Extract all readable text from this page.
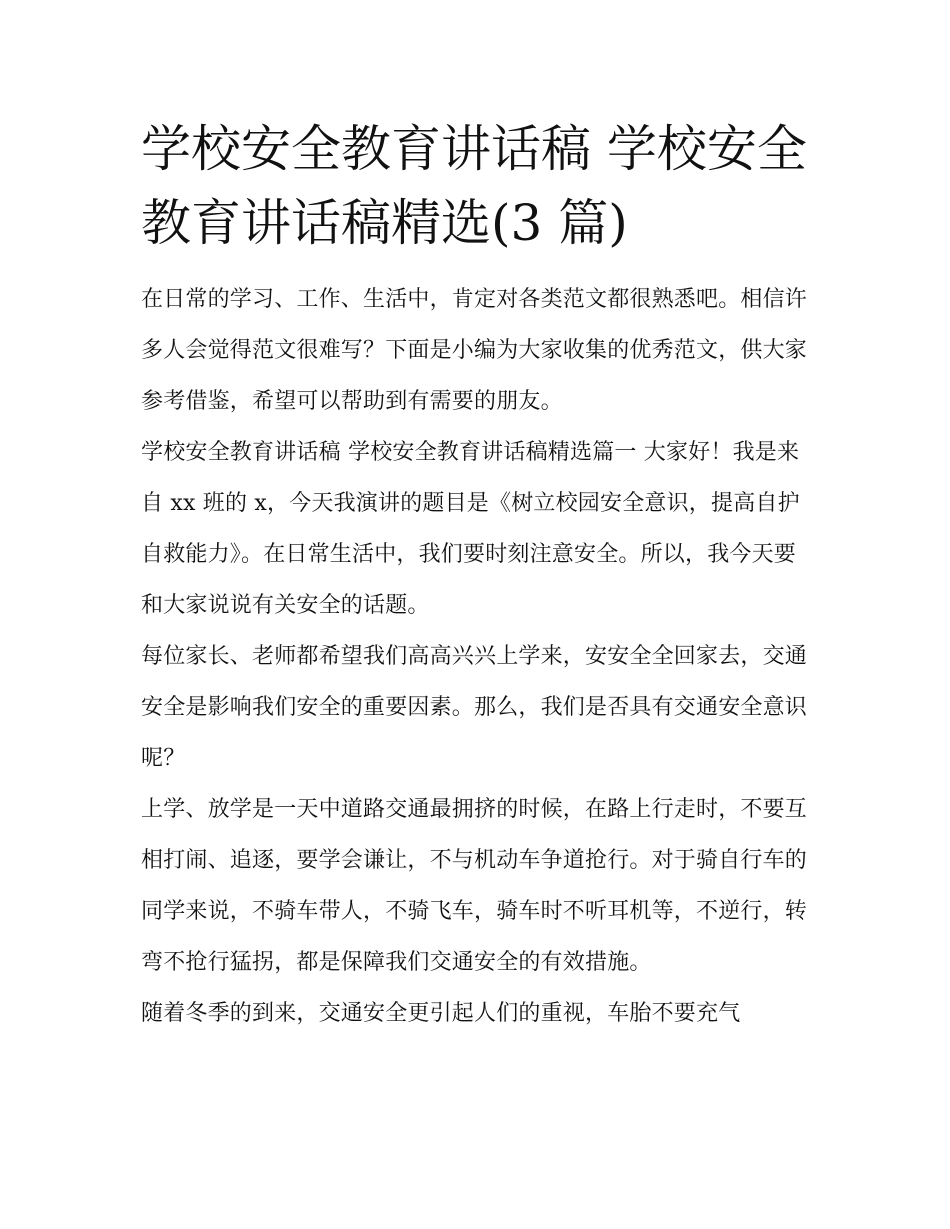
学校安全教育讲话稿 学校安全教育讲话稿精选(3 篇)

在日常的学习、工作、生活中，肯定对各类范文都很熟悉吧。相信许多人会觉得范文很难写？下面是小编为大家收集的优秀范文，供大家参考借鉴，希望可以帮助到有需要的朋友。

学校安全教育讲话稿 学校安全教育讲话稿精选篇一 大家好！我是来自 xx 班的 x，今天我演讲的题目是《树立校园安全意识，提高自护自救能力》。在日常生活中，我们要时刻注意安全。所以，我今天要和大家说说有关安全的话题。

每位家长、老师都希望我们高高兴兴上学来，安安全全回家去，交通安全是影响我们安全的重要因素。那么，我们是否具有交通安全意识呢？

上学、放学是一天中道路交通最拥挤的时候，在路上行走时，不要互相打闹、追逐，要学会谦让，不与机动车争道抢行。对于骑自行车的同学来说，不骑车带人，不骑飞车，骑车时不听耳机等，不逆行，转弯不抢行猛拐，都是保障我们交通安全的有效措施。

随着冬季的到来，交通安全更引起人们的重视，车胎不要充气
